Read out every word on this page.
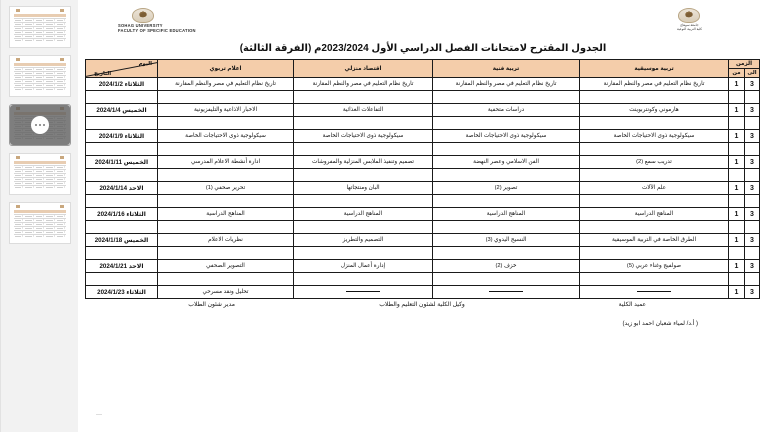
جامعة سوهاج
كلية التربية النوعية
SOHAG UNIVERSITY
FACULTY OF SPECIFIC EDUCATION
الجدول المقترح لامتحانات الفصل الدراسي الأول 2023/2024م (الفرقة الثالثة)
الزمن		تربية موسيقية	تربية فنية	اقتصاد منزلي	اعلام تربوي	اليوم
التاريخ

الى	من					
3	1	تاريخ نظام التعليم في مصر والنظم المقارنة	تاريخ نظام التعليم في مصر والنظم المقارنة	تاريخ نظام التعليم في مصر والنظم المقارنة	تاريخ نظام التعليم في مصر والنظم المقارنة	الثلاثاء 2024/1/2

3	1	هارموني وكونتربوينت	دراسات متحفية	التفاعلات الغذائية	الاخبار الاذاعية والتليفزيونية	الخميس 2024/1/4

3	1	سيكولوجية ذوى الاحتياجات الخاصة	سيكولوجية ذوى الاحتياجات الخاصة	سيكولوجية ذوى الاحتياجات الخاصة	سيكولوجية ذوى الاحتياجات الخاصة	الثلاثاء 2024/1/9

3	1	تدريب سمع (2)	الفن الاسلامي وعصر النهضة	تصميم وتنفيذ الملابس المنزلية والمفروشات	ادارة أنشطة الاعلام المدرسي	الخميس 2024/1/11

3	1	علم الآلات	تصوير (2)	البان ومنتجاتها	تحرير صحفي (1)	الاحد 2024/1/14

3	1	المناهج الدراسية	المناهج الدراسية	المناهج الدراسية	المناهج الدراسية	الثلاثاء 2024/1/16

3	1	الطرق الخاصة في التربية الموسيقية	النسيج اليدوي (3)	التصميم والتطريز	نظريات الاعلام	الخميس 2024/1/18

3	1	صولفيج وغناء عربي (5)	خزف (2)	إدارة أعمال المنزل	التصوير الصحفي	الاحد 2024/1/21

3	1				تحليل ونقد مسرحي	الثلاثاء 2024/1/23
عميد الكلية
وكيل الكلية لشئون التعليم والطلاب
مدير شئون الطلاب
( أ.د/ لمياء شعبان احمد ابو زيد)
—
